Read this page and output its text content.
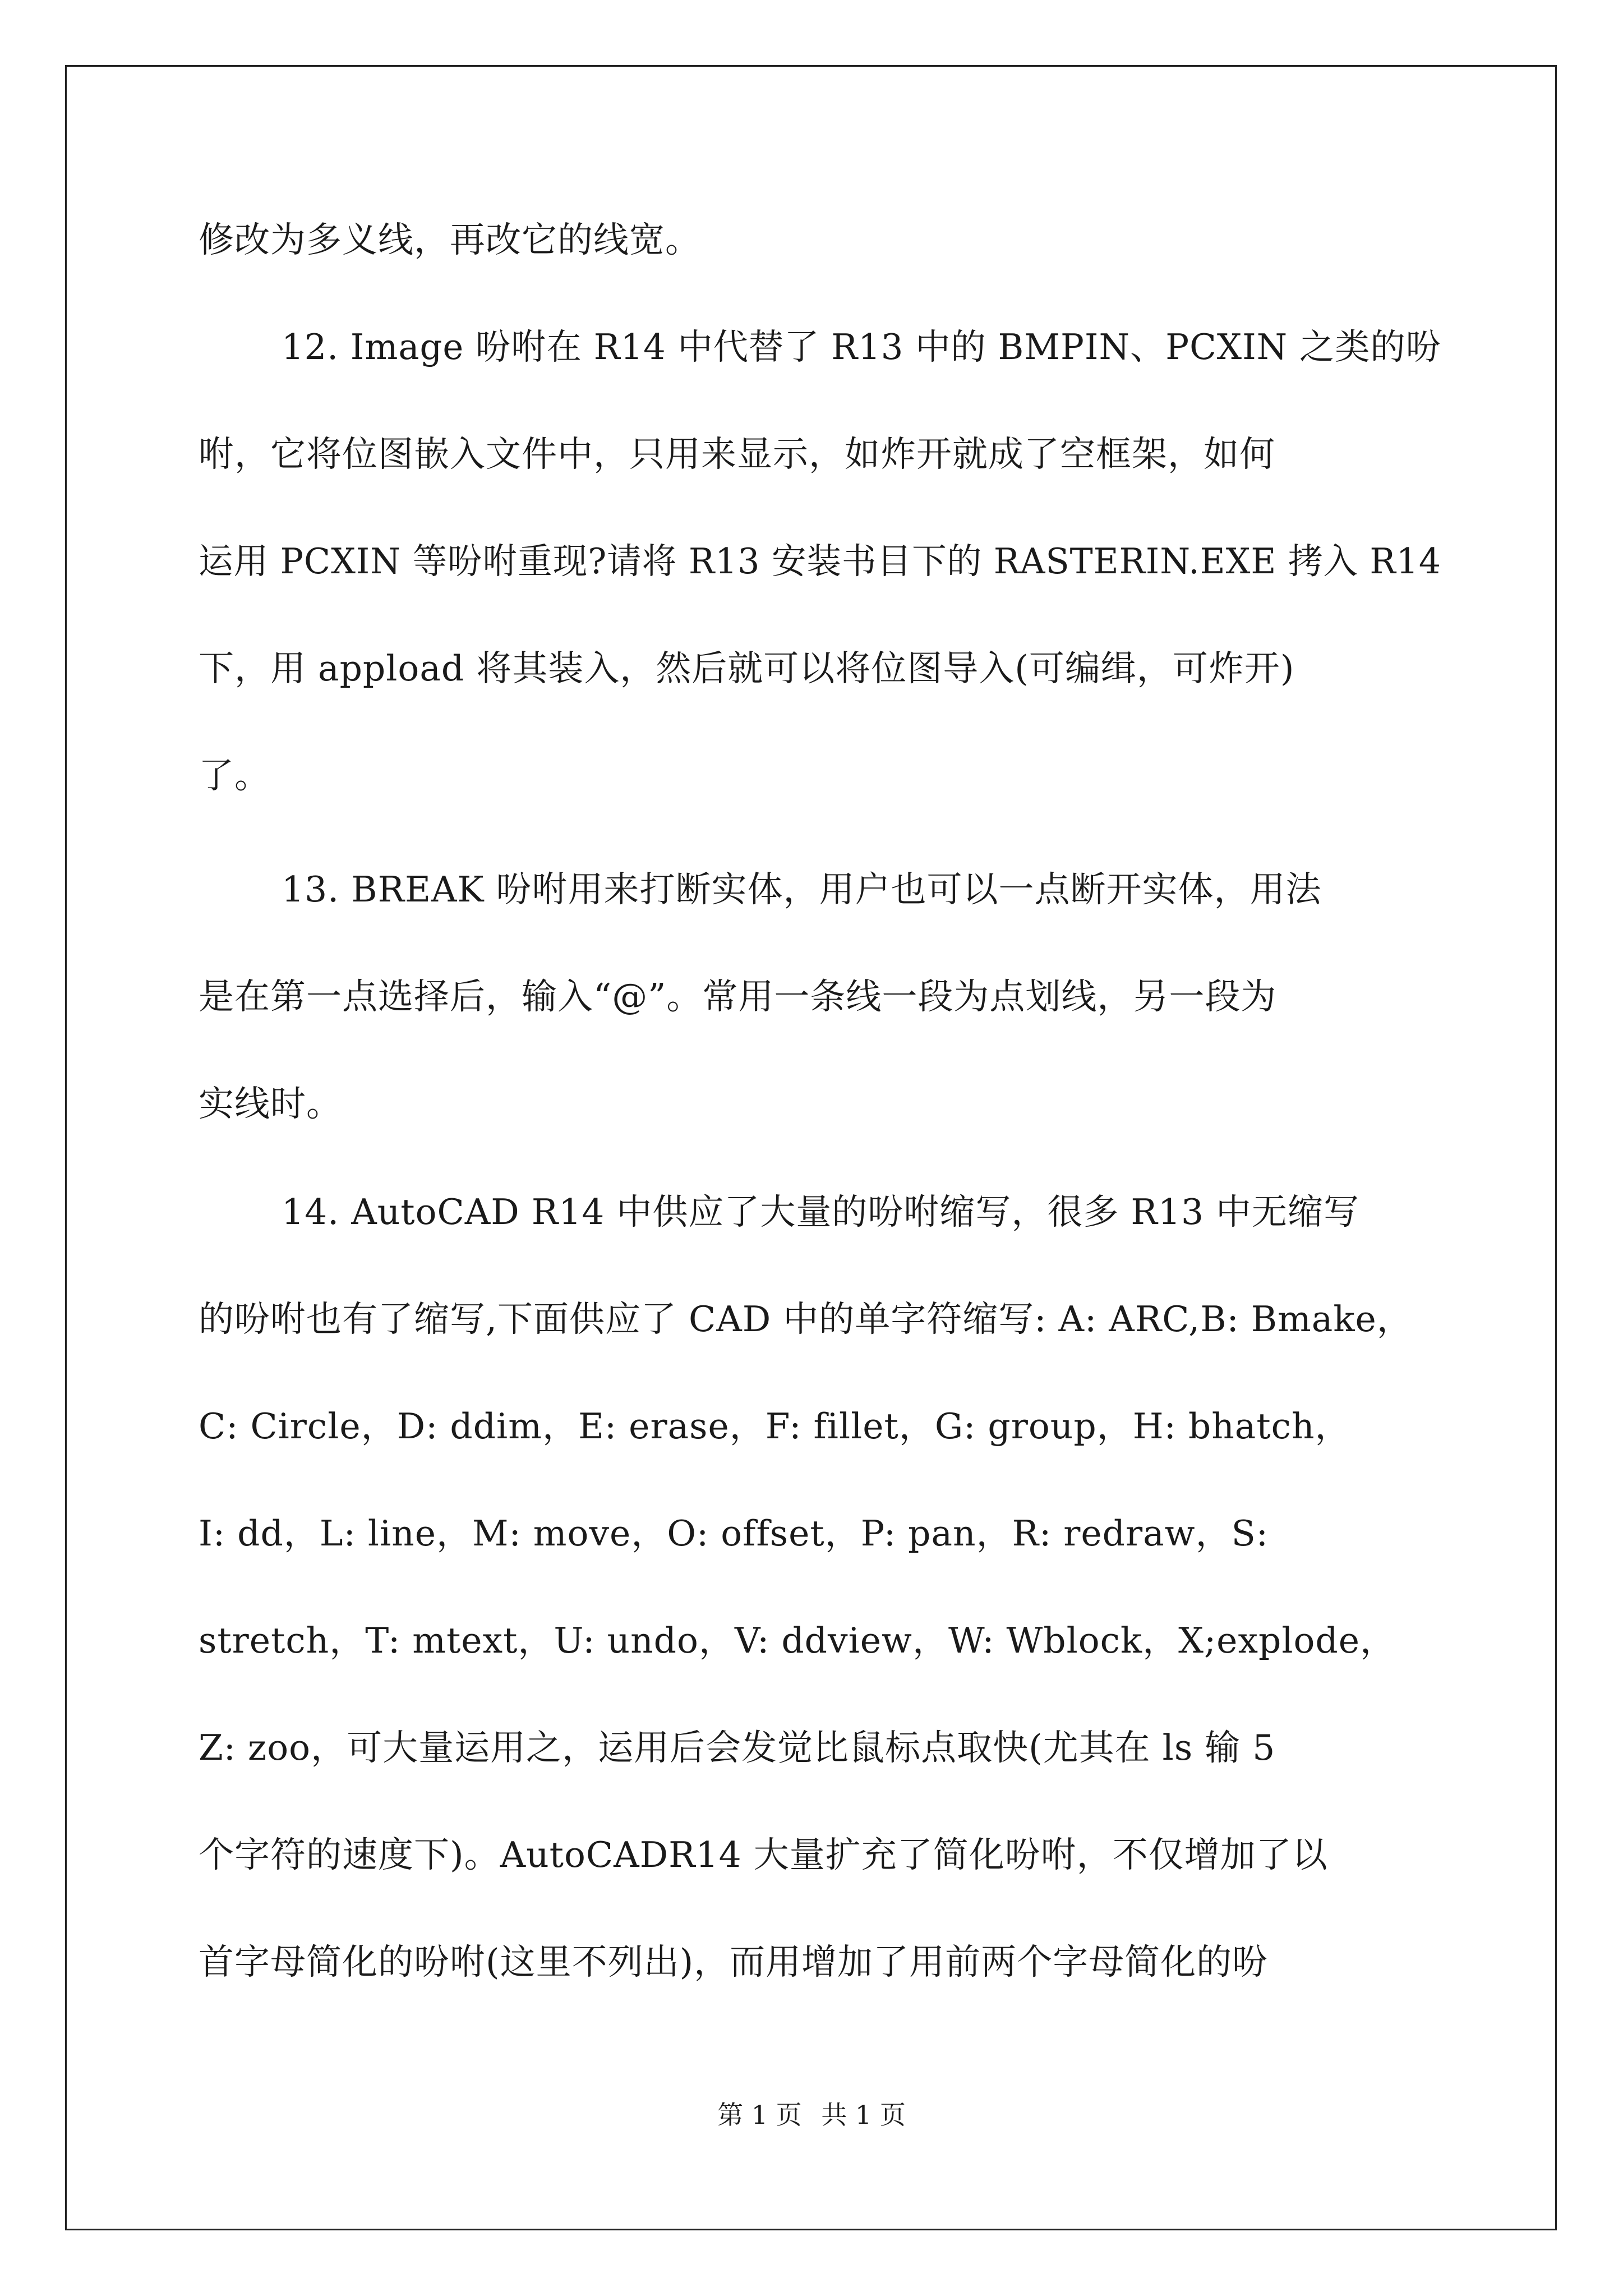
修改为多义线，再改它的线宽。
12. Image 吩咐在 R14 中代替了 R13 中的 BMPIN、PCXIN 之类的吩
咐，它将位图嵌入文件中，只用来显示，如炸开就成了空框架，如何
运用 PCXIN 等吩咐重现?请将 R13 安装书目下的 RASTERIN.EXE 拷入 R14
下，用 appload 将其装入，然后就可以将位图导入(可编缉，可炸开)
了。
13. BREAK 吩咐用来打断实体，用户也可以一点断开实体，用法
是在第一点选择后，输入“@”。常用一条线一段为点划线，另一段为
实线时。
14. AutoCAD R14 中供应了大量的吩咐缩写，很多 R13 中无缩写
的吩咐也有了缩写,下面供应了 CAD 中的单字符缩写: A: ARC,B: Bmake，
C: Circle，D: ddim，E: erase，F: fillet，G: group，H: bhatch，
I: dd，L: line，M: move，O: offset，P: pan，R: redraw，S:
stretch，T: mtext，U: undo，V: ddview，W: Wblock，X;explode，
Z: zoo，可大量运用之，运用后会发觉比鼠标点取快(尤其在 ls 输 5
个字符的速度下)。AutoCADR14 大量扩充了简化吩咐，不仅增加了以
首字母简化的吩咐(这里不列出)，而用增加了用前两个字母简化的吩
第 1 页 共 1 页
